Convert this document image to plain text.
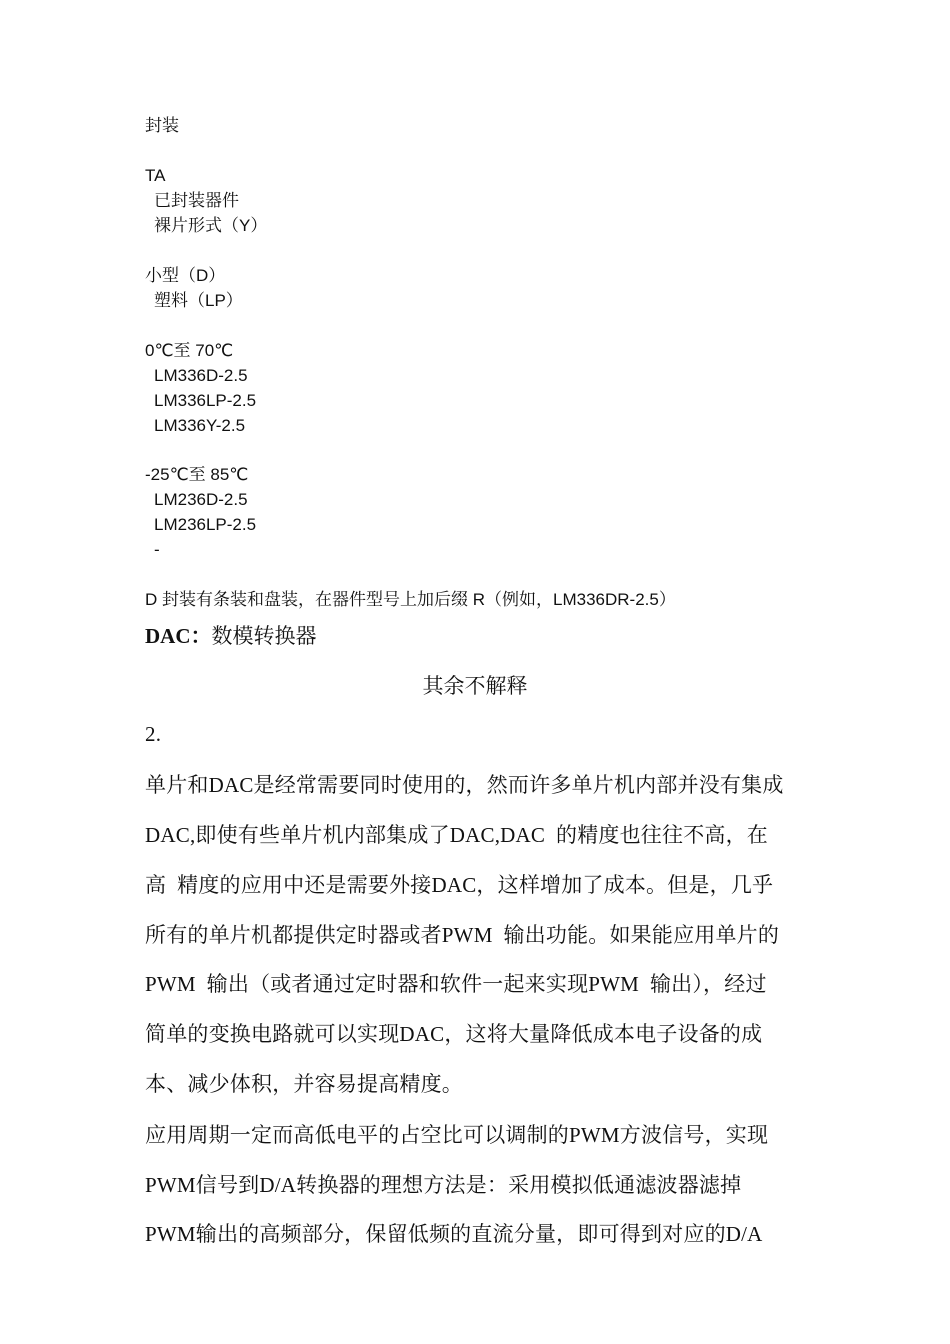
封装
TA
已封装器件
裸片形式（Y）
小型（D）
塑料（LP）
0℃至 70℃
LM336D-2.5
LM336LP-2.5
LM336Y-2.5
-25℃至 85℃
LM236D-2.5
LM236LP-2.5
-
D 封装有条装和盘装，在器件型号上加后缀 R（例如，LM336DR-2.5）
DAC：数模转换器
其余不解释
2.
单片和DAC是经常需要同时使用的，然而许多单片机内部并没有集成
DAC,即使有些单片机内部集成了DAC,DAC  的精度也往往不高，在
高  精度的应用中还是需要外接DAC，这样增加了成本。但是，几乎
所有的单片机都提供定时器或者PWM  输出功能。如果能应用单片的
PWM  输出（或者通过定时器和软件一起来实现PWM  输出），经过
简单的变换电路就可以实现DAC，这将大量降低成本电子设备的成
本、减少体积，并容易提高精度。
应用周期一定而高低电平的占空比可以调制的PWM方波信号，实现
PWM信号到D/A转换器的理想方法是：采用模拟低通滤波器滤掉
PWM输出的高频部分，保留低频的直流分量，即可得到对应的D/A
